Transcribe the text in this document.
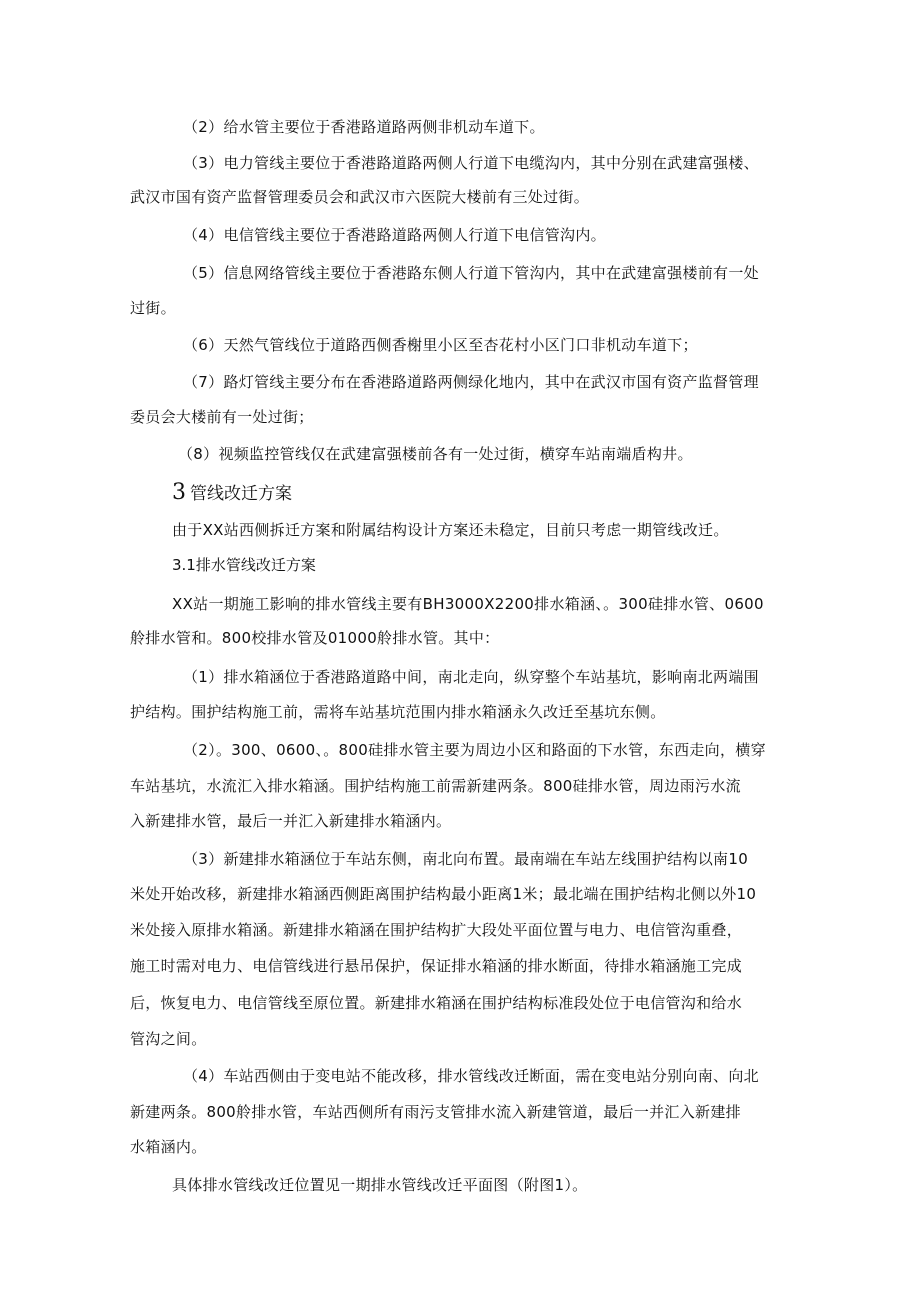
（2）给水管主要位于香港路道路两侧非机动车道下。
（3）电力管线主要位于香港路道路两侧人行道下电缆沟内，其中分别在武建富强楼、
武汉市国有资产监督管理委员会和武汉市六医院大楼前有三处过街。
（4）电信管线主要位于香港路道路两侧人行道下电信管沟内。
（5）信息网络管线主要位于香港路东侧人行道下管沟内，其中在武建富强楼前有一处
过街。
（6）天然气管线位于道路西侧香榭里小区至杏花村小区门口非机动车道下；
（7）路灯管线主要分布在香港路道路两侧绿化地内，其中在武汉市国有资产监督管理
委员会大楼前有一处过街；
（8）视频监控管线仅在武建富强楼前各有一处过街，横穿车站南端盾构井。
3 管线改迁方案
由于XX站西侧拆迁方案和附属结构设计方案还未稳定，目前只考虑一期管线改迁。
3.1排水管线改迁方案
XX站一期施工影响的排水管线主要有BH3000X2200排水箱涵、。300硅排水管、0600
舲排水管和。800校排水管及01000舲排水管。其中：
（1）排水箱涵位于香港路道路中间，南北走向，纵穿整个车站基坑，影响南北两端围
护结构。围护结构施工前，需将车站基坑范围内排水箱涵永久改迁至基坑东侧。
（2）。300、0600、。800硅排水管主要为周边小区和路面的下水管，东西走向，横穿
车站基坑，水流汇入排水箱涵。围护结构施工前需新建两条。800硅排水管，周边雨污水流
入新建排水管，最后一并汇入新建排水箱涵内。
（3）新建排水箱涵位于车站东侧，南北向布置。最南端在车站左线围护结构以南10
米处开始改移，新建排水箱涵西侧距离围护结构最小距离1米；最北端在围护结构北侧以外10
米处接入原排水箱涵。新建排水箱涵在围护结构扩大段处平面位置与电力、电信管沟重叠，
施工时需对电力、电信管线进行悬吊保护，保证排水箱涵的排水断面，待排水箱涵施工完成
后，恢复电力、电信管线至原位置。新建排水箱涵在围护结构标准段处位于电信管沟和给水
管沟之间。
（4）车站西侧由于变电站不能改移，排水管线改迁断面，需在变电站分别向南、向北
新建两条。800舲排水管，车站西侧所有雨污支管排水流入新建管道，最后一并汇入新建排
水箱涵内。
具体排水管线改迁位置见一期排水管线改迁平面图（附图1）。
